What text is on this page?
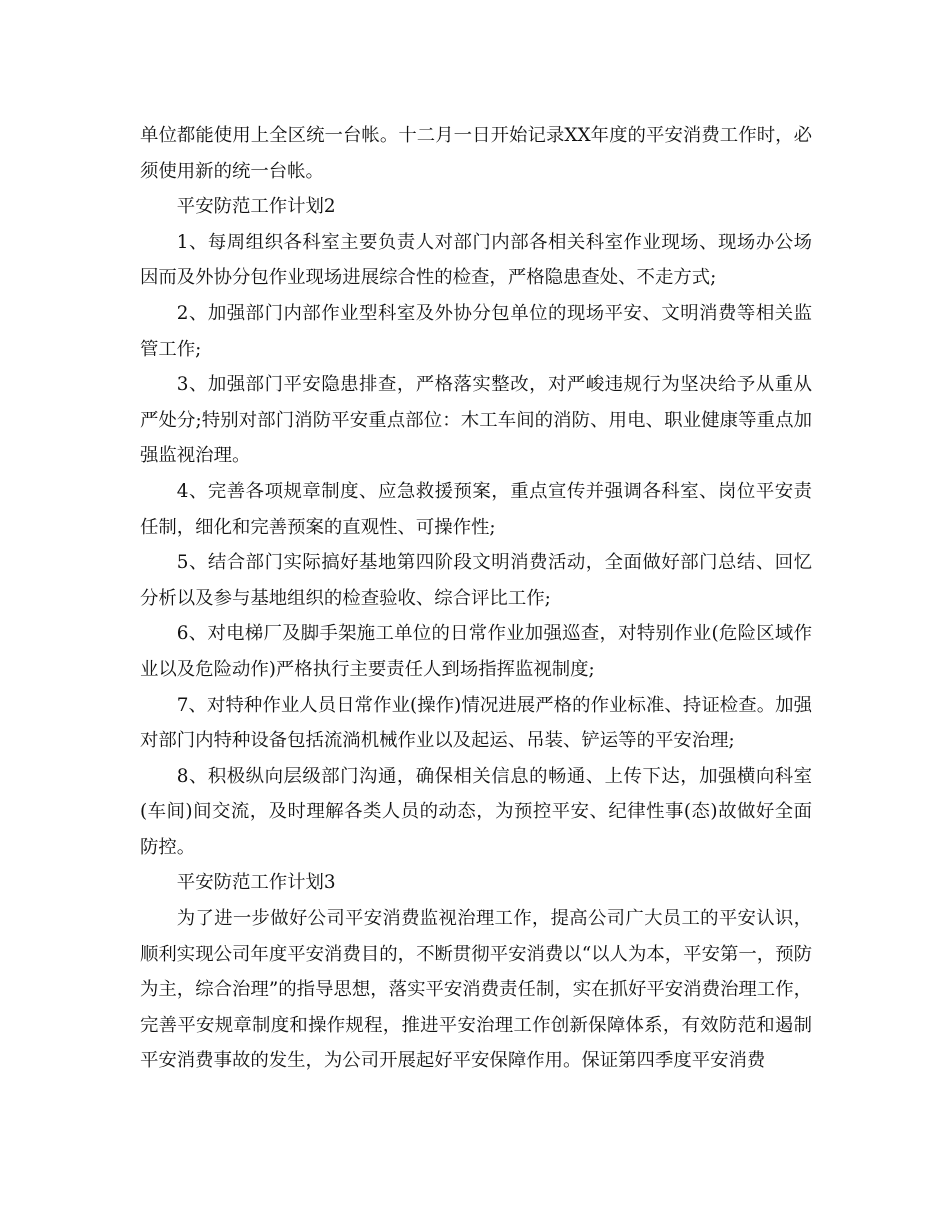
单位都能使用上全区统一台帐。十二月一日开始记录XX年度的平安消费工作时，必须使用新的统一台帐。

平安防范工作计划2

1、每周组织各科室主要负责人对部门内部各相关科室作业现场、现场办公场因而及外协分包作业现场进展综合性的检查，严格隐患查处、不走方式;

2、加强部门内部作业型科室及外协分包单位的现场平安、文明消费等相关监管工作;

3、加强部门平安隐患排查，严格落实整改，对严峻违规行为坚决给予从重从严处分;特别对部门消防平安重点部位：木工车间的消防、用电、职业健康等重点加强监视治理。

4、完善各项规章制度、应急救援预案，重点宣传并强调各科室、岗位平安责任制，细化和完善预案的直观性、可操作性;

5、结合部门实际搞好基地第四阶段文明消费活动，全面做好部门总结、回忆分析以及参与基地组织的检查验收、综合评比工作;

6、对电梯厂及脚手架施工单位的日常作业加强巡查，对特别作业(危险区域作业以及危险动作)严格执行主要责任人到场指挥监视制度;

7、对特种作业人员日常作业(操作)情况进展严格的作业标准、持证检查。加强对部门内特种设备包括流淌机械作业以及起运、吊装、铲运等的平安治理;

8、积极纵向层级部门沟通，确保相关信息的畅通、上传下达，加强横向科室(车间)间交流，及时理解各类人员的动态，为预控平安、纪律性事(态)故做好全面防控。

平安防范工作计划3

为了进一步做好公司平安消费监视治理工作，提高公司广大员工的平安认识，顺利实现公司年度平安消费目的，不断贯彻平安消费以“以人为本，平安第一，预防为主，综合治理”的指导思想，落实平安消费责任制，实在抓好平安消费治理工作，完善平安规章制度和操作规程，推进平安治理工作创新保障体系，有效防范和遏制平安消费事故的发生，为公司开展起好平安保障作用。保证第四季度平安消费
